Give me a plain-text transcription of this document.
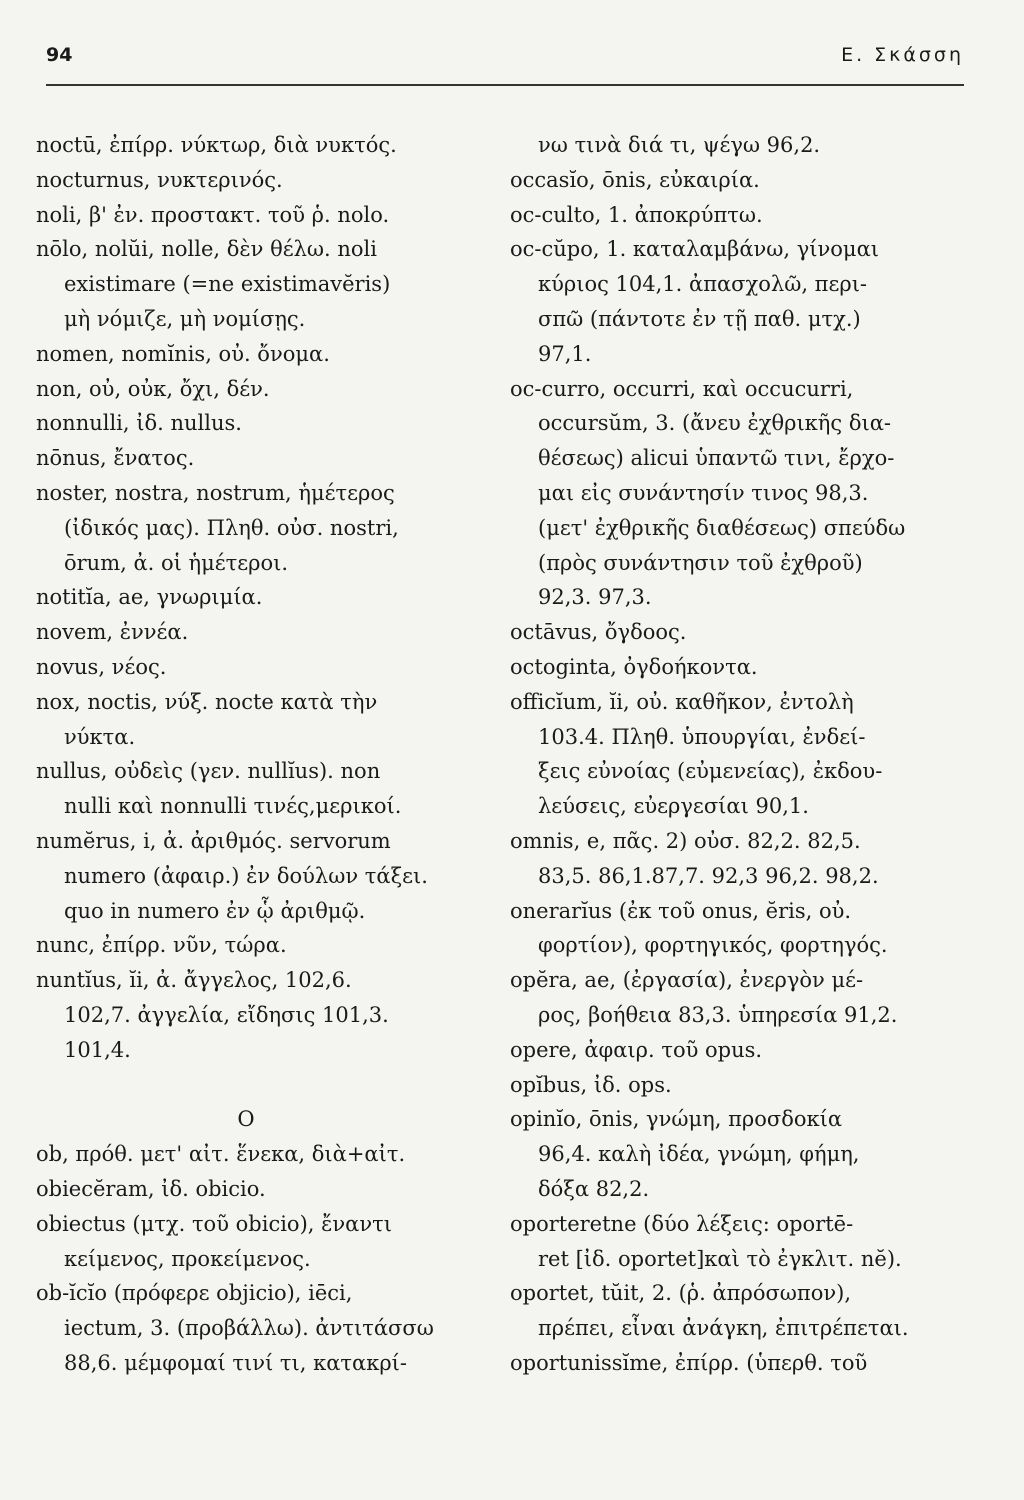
94	Ε. Σκάσση
noctū, ἐπίρρ. νύκτωρ, διὰ νυκτός.
nocturnus, νυκτερινός.
noli, β' ἐν. προστακτ. τοῦ ῥ. nolo.
nōlo, nolŭi, nolle, δὲν θέλω. noli
existimare (=ne existimavĕris)
μὴ νόμιζε, μὴ νομίσῃς.
nomen, nomĭnis, οὐ. ὄνομα.
non, οὐ, οὐκ, ὄχι, δέν.
nonnulli, ἰδ. nullus.
nōnus, ἔνατος.
noster, nostra, nostrum, ἡμέτερος
(ἰδικός μας). Πληθ. οὐσ. nostri,
ōrum, ἀ. οἱ ἡμέτεροι.
notitĭa, ae, γνωριμία.
novem, ἐννέα.
novus, νέος.
nox, noctis, νύξ. nocte κατὰ τὴν
νύκτα.
nullus, οὐδεὶς (γεν. nullĭus). non
nulli καὶ nonnulli τινές,μερικοί.
numĕrus, i, ἀ. ἀριθμός. servorum
numero (ἀφαιρ.) ἐν δούλων τάξει.
quo in numero ἐν ᾧ ἀριθμῷ.
nunc, ἐπίρρ. νῦν, τώρα.
nuntĭus, ĭi, ἀ. ἄγγελος, 102,6.
102,7. ἀγγελία, εἴδησις 101,3.
101,4.
O
ob, πρόθ. μετ' αἰτ. ἕνεκα, διὰ+αἰτ.
obiecĕram, ἰδ. obicio.
obiectus (μτχ. τοῦ obicio), ἔναντι
κείμενος, προκείμενος.
ob-ĭcĭo (πρόφερε objicio), iēci,
iectum, 3. (προβάλλω). ἀντιτάσσω
88,6. μέμφομαί τινί τι, κατακρί-
νω τινὰ διά τι, ψέγω 96,2.
occasĭo, ōnis, εὐκαιρία.
oc-culto, 1. ἀποκρύπτω.
oc-cŭpo, 1. καταλαμβάνω, γίνομαι
κύριος 104,1. ἀπασχολῶ, περι-
σπῶ (πάντοτε ἐν τῇ παθ. μτχ.)
97,1.
oc-curro, occurri, καὶ occucurri,
occursŭm, 3. (ἄνευ ἐχθρικῆς δια-
θέσεως) alicui ὑπαντῶ τινι, ἔρχο-
μαι εἰς συνάντησίν τινος 98,3.
(μετ' ἐχθρικῆς διαθέσεως) σπεύδω
(πρὸς συνάντησιν τοῦ ἐχθροῦ)
92,3. 97,3.
octāvus, ὄγδοος.
octoginta, ὀγδοήκοντα.
officĭum, ĭi, οὐ. καθῆκον, ἐντολὴ
103.4. Πληθ. ὑπουργίαι, ἐνδεί-
ξεις εὐνοίας (εὐμενείας), ἐκδου-
λεύσεις, εὐεργεσίαι 90,1.
omnis, e, πᾶς. 2) οὐσ. 82,2. 82,5.
83,5. 86,1.87,7. 92,3 96,2. 98,2.
onerarĭus (ἐκ τοῦ onus, ĕris, οὐ.
φορτίον), φορτηγικός, φορτηγός.
opĕra, ae, (ἐργασία), ἐνεργὸν μέ-
ρος, βοήθεια 83,3. ὑπηρεσία 91,2.
opere, ἀφαιρ. τοῦ opus.
opĭbus, ἰδ. ops.
opinĭo, ōnis, γνώμη, προσδοκία
96,4. καλὴ ἰδέα, γνώμη, φήμη,
δόξα 82,2.
oporteretne (δύο λέξεις: oportē-
ret [ἰδ. oportet]καὶ τὸ ἐγκλιτ. nĕ).
oportet, tŭit, 2. (ῥ. ἀπρόσωπον),
πρέπει, εἶναι ἀνάγκη, ἐπιτρέπεται.
oportunissĭme, ἐπίρρ. (ὑπερθ. τοῦ
